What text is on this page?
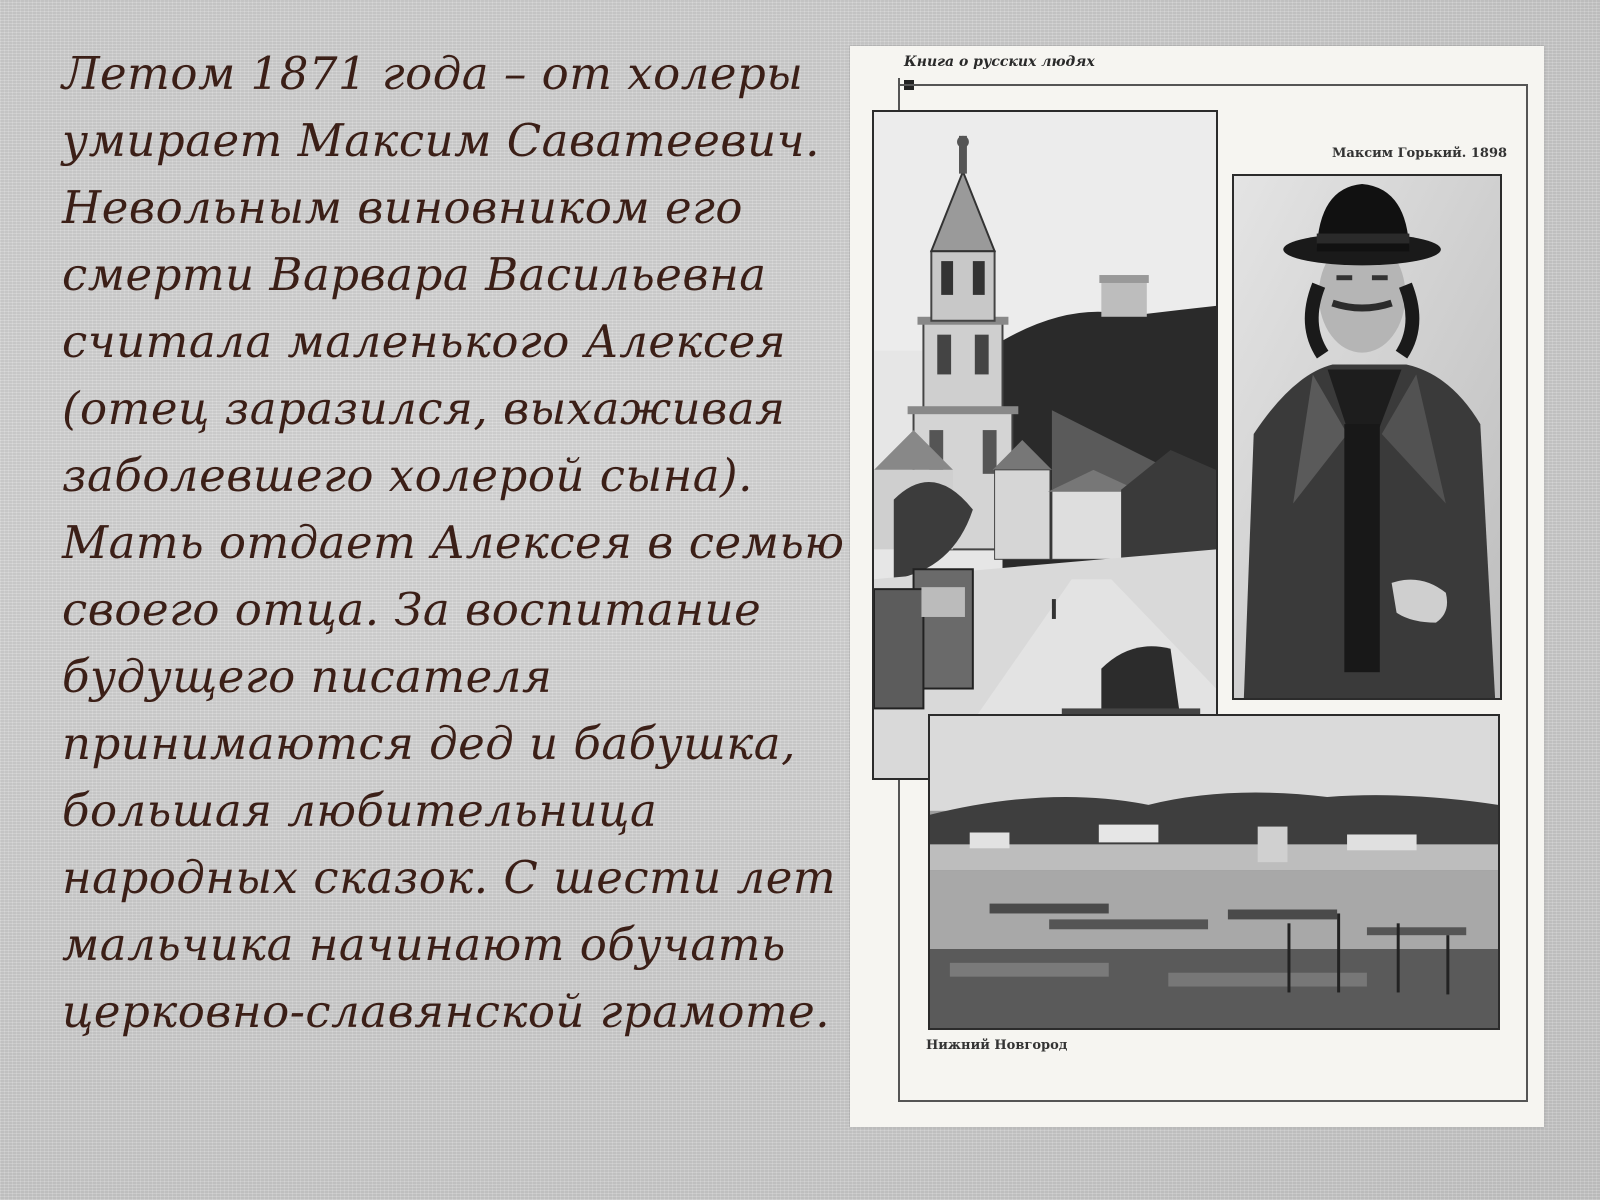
Летом 1871 года – от холеры
умирает Максим Саватеевич.
Невольным виновником его
смерти Варвара Васильевна
считала маленького Алексея
(отец заразился, выхаживая
заболевшего холерой сына).
Мать отдает Алексея в семью
своего отца. За воспитание
будущего писателя
принимаются дед и бабушка,
большая любительница
народных сказок. С шести лет
мальчика начинают обучать
церковно-славянской грамоте.
Книга о русских людях
Максим Горький. 1898
Нижний Новгород
